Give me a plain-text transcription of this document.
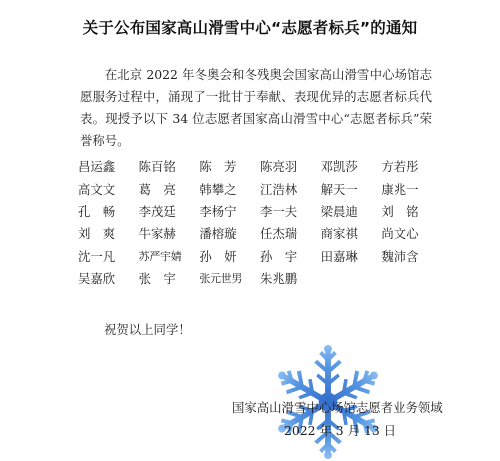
关于公布国家高山滑雪中心“志愿者标兵”的通知
在北京 2022 年冬奥会和冬残奥会国家高山滑雪中心场馆志愿服务过程中，涌现了一批甘于奉献、表现优异的志愿者标兵代表。现授予以下 34 位志愿者国家高山滑雪中心“志愿者标兵”荣誉称号。
昌运鑫	陈百铭	陈　芳	陈亮羽	邓凯莎	方若彤
高文文	葛　亮	韩攀之	江浩林	解天一	康兆一
孔　畅	李茂廷	李杨宁	李一夫	梁晨迪	刘　铭
刘　爽	牛家赫	潘榕璇	任杰瑞	商家祺	尚文心
沈一凡	苏严宇婧	孙　妍	孙　宇	田嘉琳	魏沛含
吴嘉欣	张　宇	张元世男	朱兆鹏
祝贺以上同学！
国家高山滑雪中心场馆志愿者业务领域
2022 年 3 月 13 日
